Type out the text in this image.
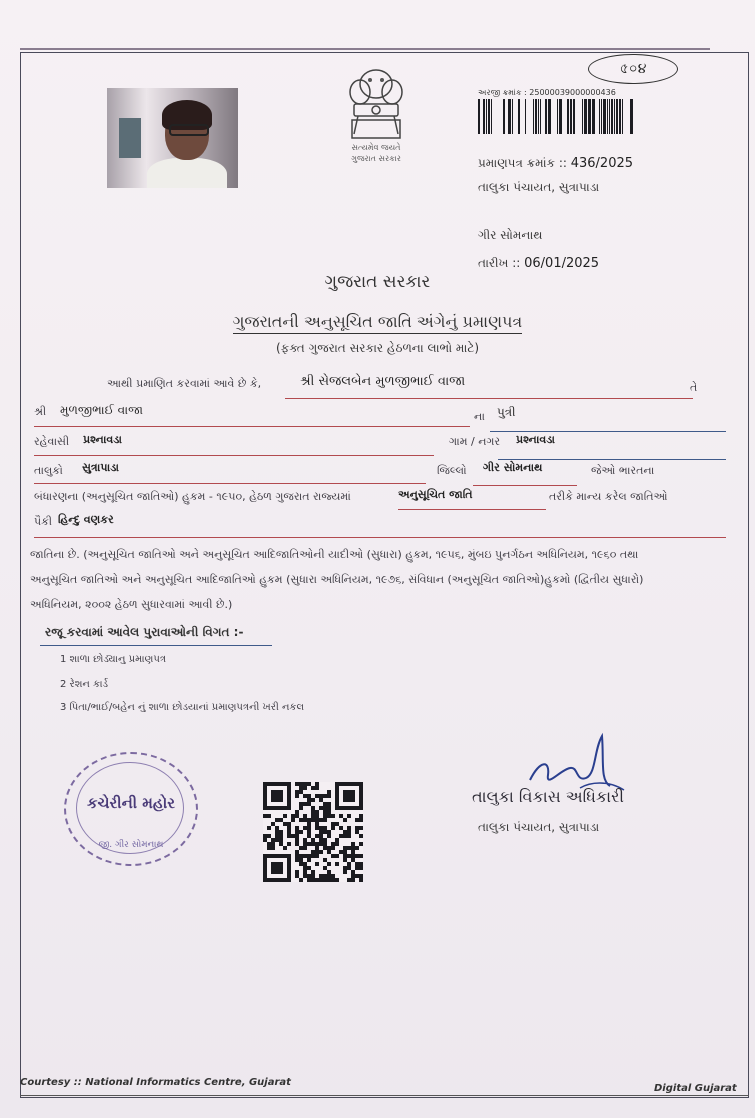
સત્યમેવ જયતે
ગુજરાત સરકાર
৫০૪
અરજી ક્રમાંક : 25000039000000436
પ્રમાણપત્ર ક્રમાંક :: 436/2025
તાલુકા પંચાયત, સુત્રાપાડા
ગીર સોમનાથ
તારીખ :: 06/01/2025
ગુજરાત સરકાર
ગુજરાતની અનુસૂચિત જાતિ અંગેનું પ્રમાણપત્ર
(ફક્ત ગુજરાત સરકાર હેઠળના લાભો માટે)
આથી પ્રમાણિત કરવામાં આવે છે કે,	શ્રી સેજલબેન મુળજીભાઈ વાજા	તે
શ્રી મુળજીભાઈ વાજા	ના પુત્રી
રહેવાસી પ્રશ્નાવડા	ગામ / નગર પ્રશ્નાવડા
તાલુકો સુત્રાપાડા	જિલ્લો ગીર સોમનાથ	જેઓ ભારતના
બંધારણના (અનુસૂચિત જાતિઓ) હુકમ - ૧૯૫૦, હેઠળ ગુજરાત રાજ્યમાં	અનુસૂચિત જાતિ	તરીકે માન્ય કરેલ જાતિઓ
પૈકી હિન્દુ વણકર
જાતિના છે. (અનુસૂચિત જાતિઓ અને અનુસૂચિત આદિજાતિઓની યાદીઓ (સુધારા) હુકમ, ૧૯૫૬, મુંબઇ પુનર્ગઠન અધિનિયમ, ૧૯૬૦ તથા
અનુસૂચિત જાતિઓ અને અનુસૂચિત આદિજાતિઓ હુકમ (સુધારા અધિનિયમ, ૧૯૭૬, સંવિધાન (અનુસૂચિત જાતિઓ)હુકમો (દ્વિતીય સુધારો)
અધિનિયમ, ૨૦૦૨ હેઠળ સુધારવામાં આવી છે.)
રજૂ કરવામાં આવેલ પુરાવાઓની વિગત :-
1 શાળા છોડ્યાનુ પ્રમાણપત્ર
2 રેશન કાર્ડ
3 પિતા/ભાઈ/બહેન નું શાળા છોડયાનાં પ્રમાણપત્રની ખરી નકલ
કચેરીની મહોર
જી. ગીર સોમનાથ
તાલુકા વિકાસ અધિકારી
તાલુકા પંચાયત, સુત્રાપાડા
Courtesy :: National Informatics Centre, Gujarat
Digital Gujarat
